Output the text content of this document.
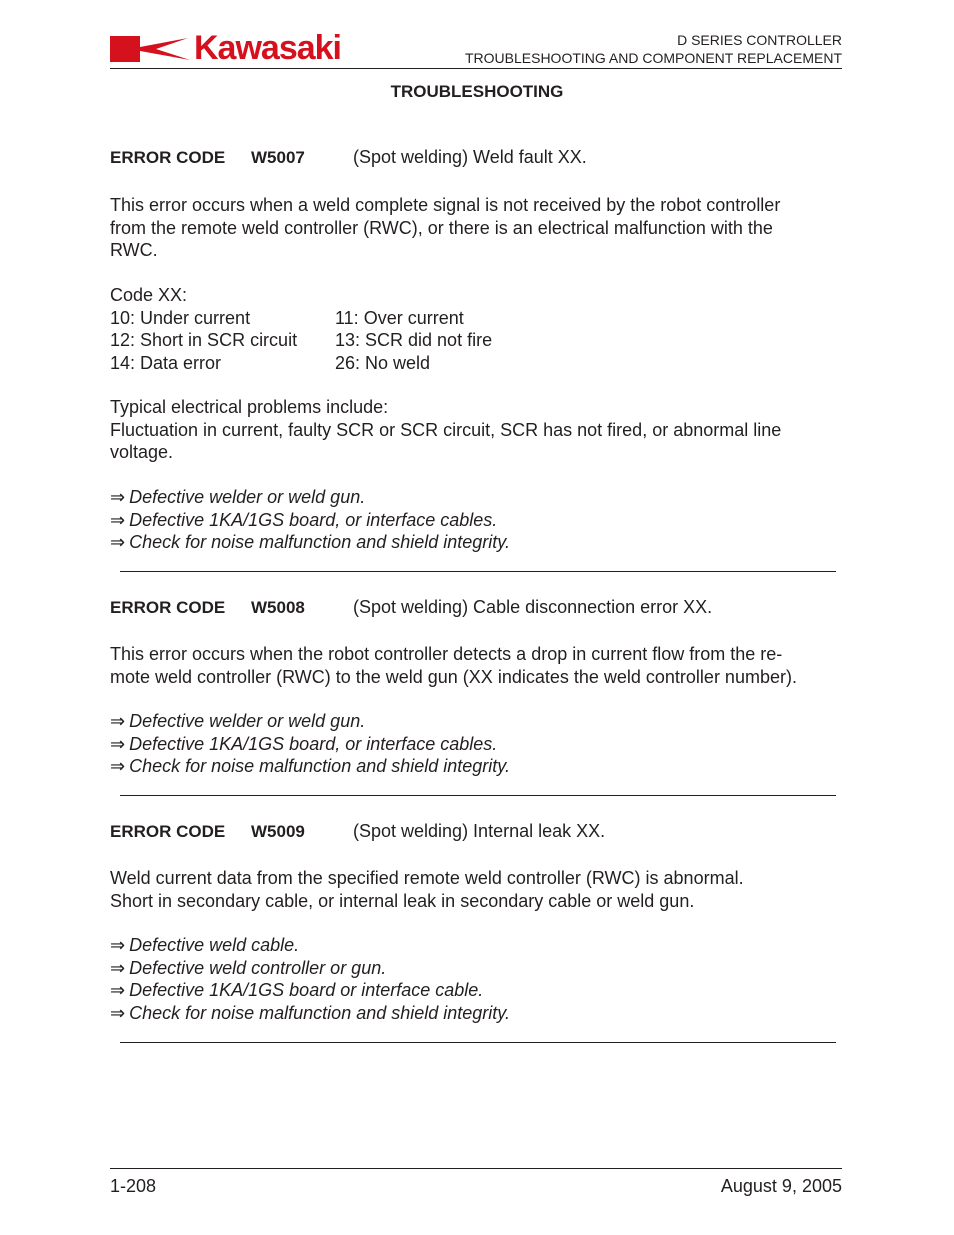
Kawasaki	D SERIES CONTROLLER
TROUBLESHOOTING AND COMPONENT REPLACEMENT
TROUBLESHOOTING
ERROR CODE W5007	(Spot welding) Weld fault XX.
This error occurs when a weld complete signal is not received by the robot controller
from the remote weld controller (RWC), or there is an electrical malfunction with the
RWC.
Code XX:
10: Under current	11: Over current
12: Short in SCR circuit 13: SCR did not fire
14: Data error	26: No weld
Typical electrical problems include:
Fluctuation in current, faulty SCR or SCR circuit, SCR has not fired, or abnormal line
voltage.
⇒ Defective welder or weld gun.
⇒ Defective 1KA/1GS board, or interface cables.
⇒ Check for noise malfunction and shield integrity.
ERROR CODE W5008	(Spot welding) Cable disconnection error XX.
This error occurs when the robot controller detects a drop in current flow from the re-
mote weld controller (RWC) to the weld gun (XX indicates the weld controller number).
⇒ Defective welder or weld gun.
⇒ Defective 1KA/1GS board, or interface cables.
⇒ Check for noise malfunction and shield integrity.
ERROR CODE W5009	(Spot welding) Internal leak XX.
Weld current data from the specified remote weld controller (RWC) is abnormal.
Short in secondary cable, or internal leak in secondary cable or weld gun.
⇒ Defective weld cable.
⇒ Defective weld controller or gun.
⇒ Defective 1KA/1GS board or interface cable.
⇒ Check for noise malfunction and shield integrity.
1-208	August 9, 2005
